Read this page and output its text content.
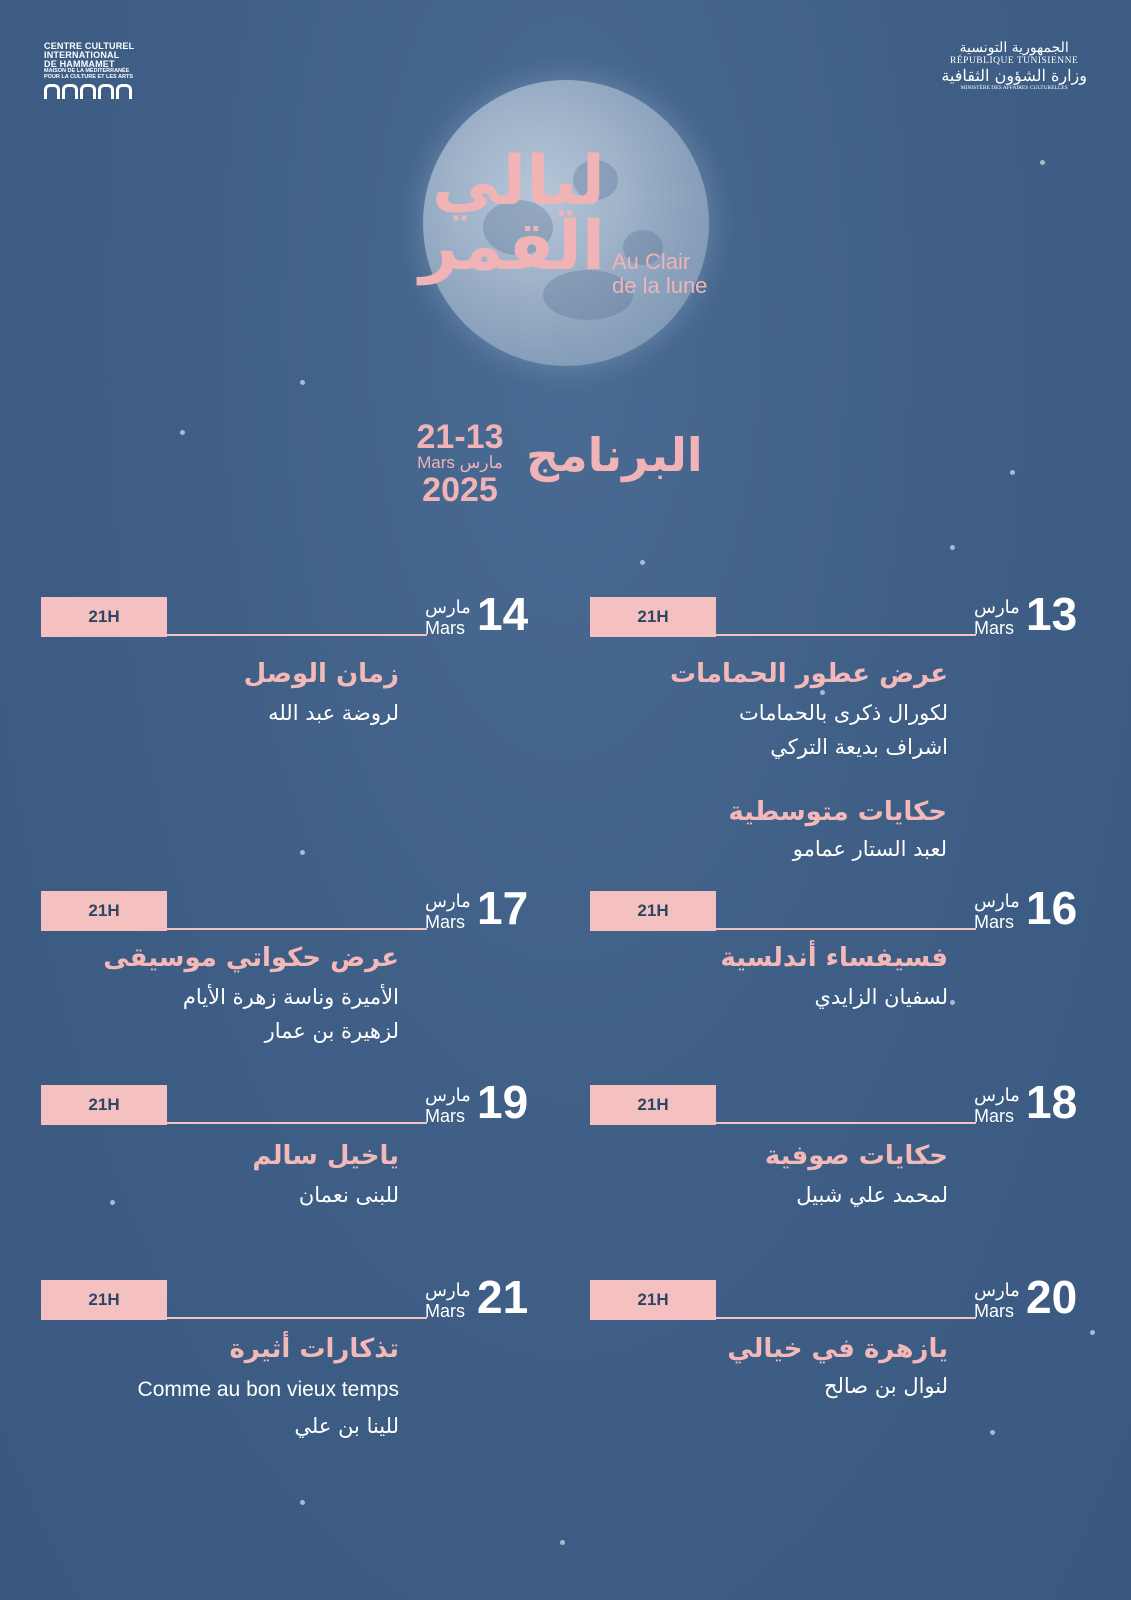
CENTRE CULTUREL
INTERNATIONAL
DE HAMMAMET
MAISON DE LA MÉDITERRANÉE
POUR LA CULTURE ET LES ARTS
الجمهورية التونسية
RÉPUBLIQUE TUNISIENNE
وزارة الشؤون الثقافية
MINISTÈRE DES AFFAIRES CULTURELLES
ليالي
القمر Au Clair
de la lune
البرنامج
21-13
Mars مارس
2025
21H	مارس
Mars 13
عرض عطور الحمامات
لكورال ذكرى بالحمامات
اشراف بديعة التركي
حكايات متوسطية
لعبد الستار عمامو
21H	مارس
Mars 14
زمان الوصل
لروضة عبد الله
21H	مارس
Mars 16
فسيفساء أندلسية
لسفيان الزايدي
21H	مارس
Mars 17
عرض حكواتي موسيقى
الأميرة وناسة زهرة الأيام
لزهيرة بن عمار
21H	مارس
Mars 18
حكايات صوفية
لمحمد علي شبيل
21H	مارس
Mars 19
ياخيل سالم
للبنى نعمان
21H	مارس
Mars 20
يازهرة في خيالي
لنوال بن صالح
21H	مارس
Mars 21
تذكارات أثيرة
Comme au bon vieux temps
للينا بن علي
